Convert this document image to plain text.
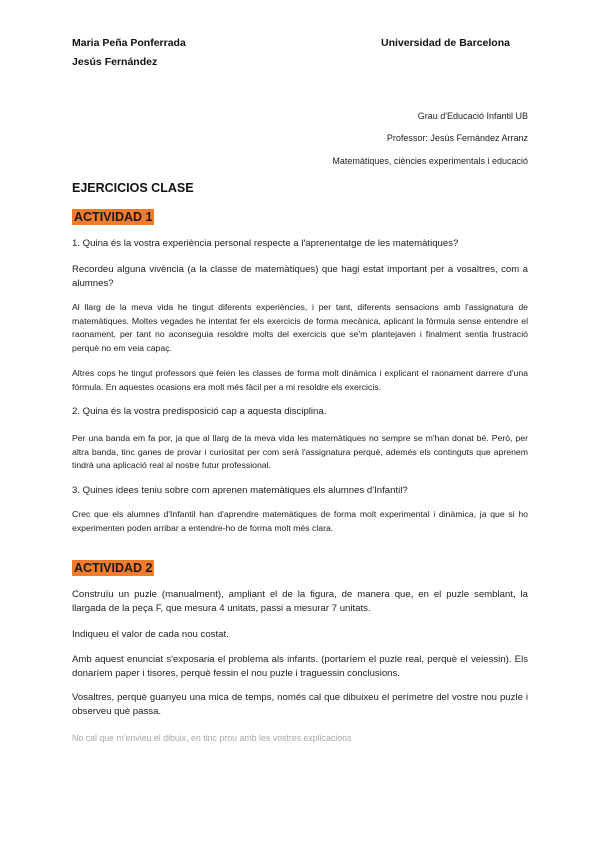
Maria Peña Ponferrada
Jesús Fernández
Universidad de Barcelona
Grau d'Educació Infantil UB
Professor: Jesús Fernández Arranz
Matemàtiques, ciències experimentals i educació
EJERCICIOS CLASE
ACTIVIDAD 1
1. Quina és la vostra experiència personal respecte a l'aprenentatge de les matemàtiques?
Recordeu alguna vivència (a la classe de matemàtiques) que hagi estat important per a vosaltres, com a alumnes?
Al llarg de la meva vida he tingut diferents experiències, i per tant, diferents sensacions amb l'assignatura de matemàtiques. Moltes vegades he intentat fer els exercicis de forma mecànica, aplicant la fórmula sense entendre el raonament, per tant no aconseguia resoldre molts del exercicis que se'm plantejaven i finalment sentia frustració perquè no em veia capaç.
Altres cops he tingut professors que feien les classes de forma molt dinàmica i explicant el raonament darrere d'una fórmula. En aquestes ocasions era molt més fàcil per a mi resoldre els exercicis.
2. Quina és la vostra predisposició cap a aquesta disciplina.
Per una banda em fa por, ja que al llarg de la meva vida les matemàtiques no sempre se m'han donat bé. Però, per altra banda, tinc ganes de provar i curiositat per com serà l'assignatura perquè, ademés els continguts que aprenem tindrà una aplicació real al nostre futur professional.
3. Quines idees teniu sobre com aprenen matemàtiques els alumnes d'Infantil?
Crec que els alumnes d'Infantil han d'aprendre matemàtiques de forma molt experimental i dinàmica, ja que si ho experimenten poden arribar a entendre-ho de forma molt més clara.
ACTIVIDAD 2
Construïu un puzle (manualment), ampliant el de la figura, de manera que, en el puzle semblant, la llargada de la peça F, que mesura 4 unitats, passi a mesurar 7 unitats.
Indiqueu el valor de cada nou costat.
Amb aquest enunciat s'exposaria el problema als infants. (portaríem el puzle real, perquè el veiessin). Els donaríem paper i tisores, perquè fessin el nou puzle i traguessin conclusions.
Vosaltres, perquè guanyeu una mica de temps, només cal que dibuixeu el perímetre del vostre nou puzle i observeu què passa.
No cal que m'envieu el dibuix, en tinc prou amb les vostres explicacions
